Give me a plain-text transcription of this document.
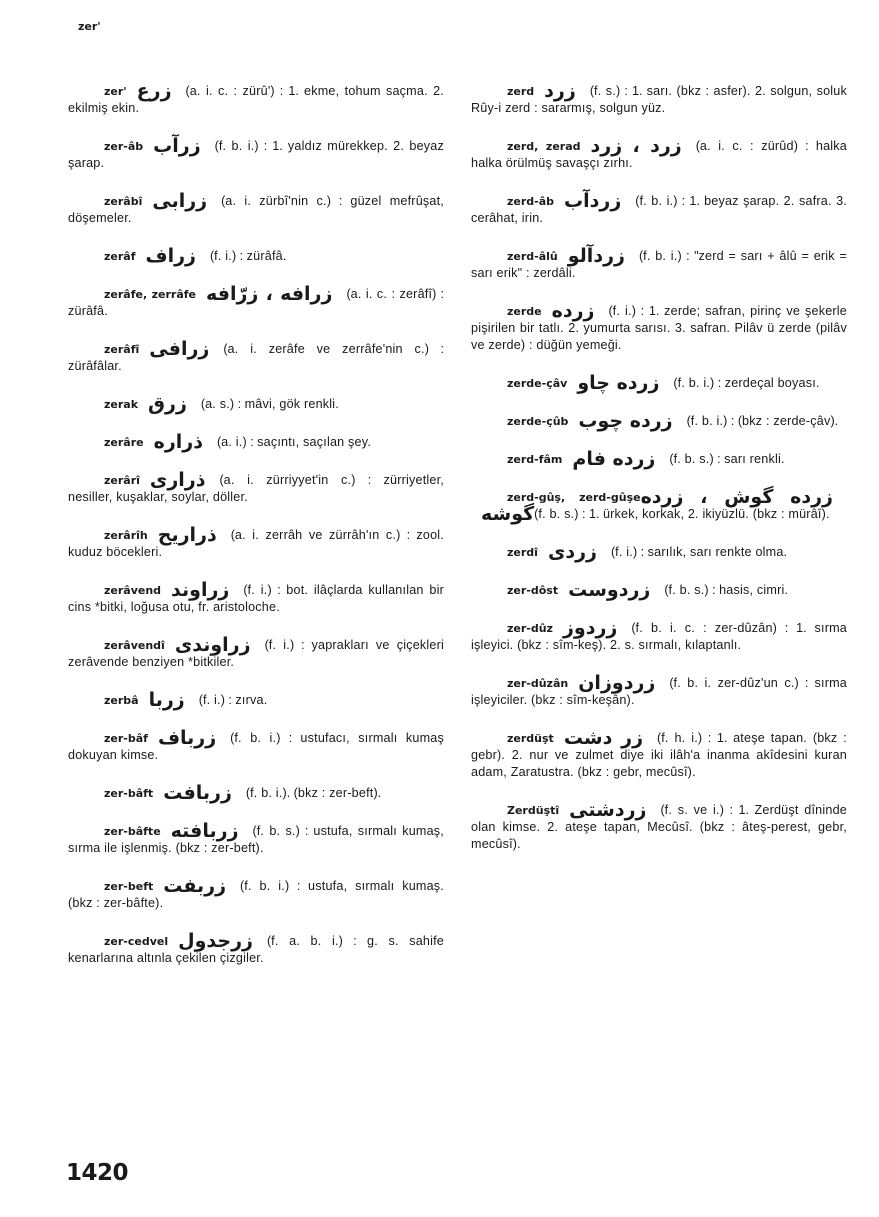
zer'

zer' زرع (a. i. c. : zürû') : 1. ekme, tohum saçma. 2. ekilmiş ekin.

zer-âb زرآب (f. b. i.) : 1. yaldız mürekkep. 2. beyaz şarap.

zerâbî زرابى (a. i. zürbî'nin c.) : güzel mefrûşat, döşemeler.

zerâf زراف (f. i.) : zürâfâ.

zerâfe, zerrâfe زرافه ، زرّافه (a. i. c. : zerâfî) : zürâfâ.

zerâfî زرافى (a. i. zerâfe ve zerrâfe'nin c.) : zürâfâlar.

zerak زرق (a. s.) : mâvi, gök renkli.

zerâre ذراره (a. i.) : saçıntı, saçılan şey.

zerârî ذرارى (a. i. zürriyyet'in c.) : zürriyetler, nesiller, kuşaklar, soylar, döller.

zerârîh ذراريح (a. i. zerrâh ve zürrâh'ın c.) : zool. kuduz böcekleri.

zerâvend زراوند (f. i.) : bot. ilâçlarda kullanılan bir cins *bitki, loğusa otu, fr. aristoloche.

zerâvendî زراوندى (f. i.) : yaprakları ve çiçekleri zerâvende benziyen *bitkiler.

zerbâ زربا (f. i.) : zırva.

zer-bâf زرباف (f. b. i.) : ustufacı, sırmalı kumaş dokuyan kimse.

zer-bâft زربافت (f. b. i.). (bkz : zer-beft).

zer-bâfte زربافته (f. b. s.) : ustufa, sırmalı kumaş, sırma ile işlenmiş. (bkz : zer-beft).

zer-beft زربفت (f. b. i.) : ustufa, sırmalı kumaş. (bkz : zer-bâfte).

zer-cedvel زرجدول (f. a. b. i.) : g. s. sahife kenarlarına altınla çekilen çizgiler.

zerd زرد (f. s.) : 1. sarı. (bkz : asfer). 2. solgun, soluk Rûy-i zerd : sararmış, solgun yüz.

zerd, zerad زرد ، زرد (a. i. c. : zürûd) : halka halka örülmüş savaşçı zırhı.

zerd-âb زردآب (f. b. i.) : 1. beyaz şarap. 2. safra. 3. cerâhat, irin.

zerd-âlû زردآلو (f. b. i.) : "zerd = sarı + âlû = erik = sarı erik" : zerdâli.

zerde زرده (f. i.) : 1. zerde; safran, pirinç ve şekerle pişirilen bir tatlı. 2. yumurta sarısı. 3. safran. Pilâv ü zerde (pilâv ve zerde) : düğün yemeği.

zerde-çâv زرده چاو (f. b. i.) : zerdeçal boyası.

zerde-çûb زرده چوب (f. b. i.) : (bkz : zerde-çâv).

zerd-fâm زرده فام (f. b. s.) : sarı renkli.

zerd-gûş, zerd-gûşeزرده گوش ، زرده گوشه(f. b. s.) : 1. ürkek, korkak, 2. ikiyüzlü. (bkz : mürâî).

zerdî زردى (f. i.) : sarılık, sarı renkte olma.

zer-dôst زردوست (f. b. s.) : hasis, cimri.

zer-dûz زردوز (f. b. i. c. : zer-dûzân) : 1. sırma işleyici. (bkz : sîm-keş). 2. s. sırmalı, kılaptanlı.

zer-dûzân زردوزان (f. b. i. zer-dûz'un c.) : sırma işleyiciler. (bkz : sîm-keşân).

zerdüşt زر دشت (f. h. i.) : 1. ateşe tapan. (bkz : gebr). 2. nur ve zulmet diye iki ilâh'a inanma akîdesini kuran adam, Zaratustra. (bkz : gebr, mecûsî).

Zerdüştî زردشتى (f. s. ve i.) : 1. Zerdüşt dîninde olan kimse. 2. ateşe tapan, Mecûsî. (bkz : âteş-perest, gebr, mecûsî).

1420
